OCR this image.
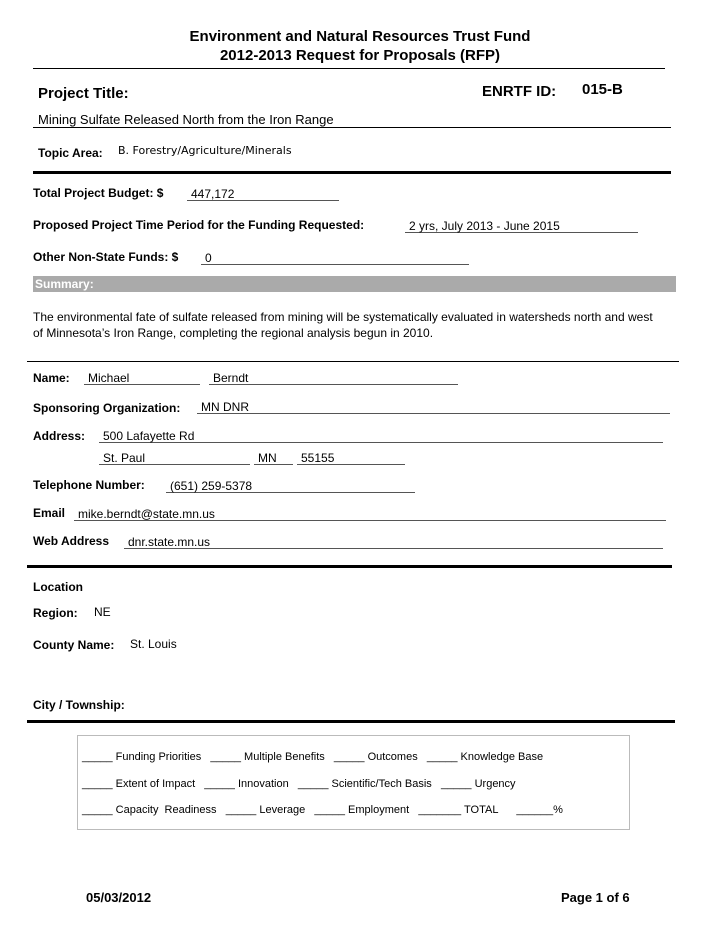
Environment and Natural Resources Trust Fund
2012-2013 Request for Proposals (RFP)
Project Title:	ENRTF ID: 015-B
Mining Sulfate Released North from the Iron Range
Topic Area: B. Forestry/Agriculture/Minerals
Total Project Budget: $	447,172
Proposed Project Time Period for the Funding Requested:	2 yrs, July 2013 - June 2015
Other Non-State Funds: $	0
Summary:
The environmental fate of sulfate released from mining will be systematically evaluated in watersheds north and west of Minnesota’s Iron Range, completing the regional analysis begun in 2010.
Name:	Michael	Berndt
Sponsoring Organization:	MN DNR
Address:	500 Lafayette Rd
St. Paul	MN	55155
Telephone Number:	(651) 259-5378
Email	mike.berndt@state.mn.us
Web Address	dnr.state.mn.us
Location
Region: NE
County Name: St. Louis
City / Township:
_____ Funding Priorities   _____ Multiple Benefits   _____ Outcomes   _____ Knowledge Base
_____ Extent of Impact   _____ Innovation   _____ Scientific/Tech Basis   _____ Urgency
_____ Capacity  Readiness   _____ Leverage   _____ Employment   _______ TOTAL      ______%
05/03/2012	Page 1 of 6
